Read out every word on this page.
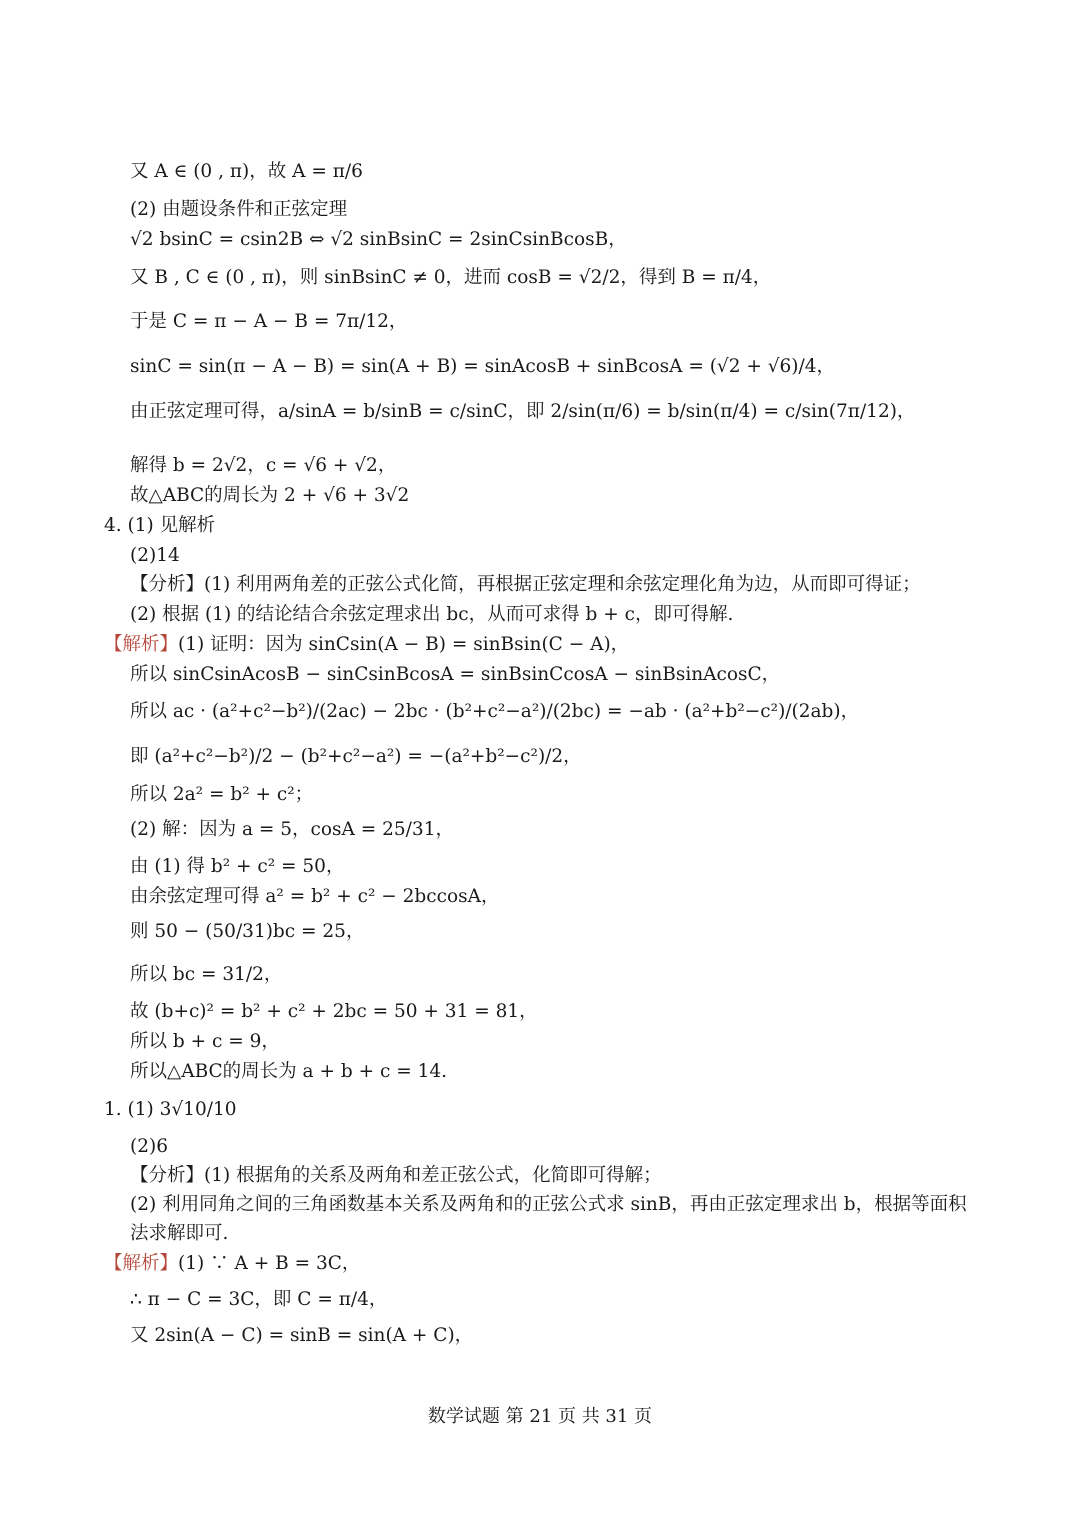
又 A ∈ (0 , π)，故 A = π/6
(2) 由题设条件和正弦定理
√2 bsinC = csin2B ⇔ √2 sinBsinC = 2sinCsinBcosB，
又 B , C ∈ (0 , π)，则 sinBsinC ≠ 0，进而 cosB = √2/2，得到 B = π/4，
于是 C = π − A − B = 7π/12，
sinC = sin(π − A − B) = sin(A + B) = sinAcosB + sinBcosA = (√2 + √6)/4，
由正弦定理可得，a/sinA = b/sinB = c/sinC，即 2/sin(π/6) = b/sin(π/4) = c/sin(7π/12)，
解得 b = 2√2，c = √6 + √2，
故△ABC的周长为 2 + √6 + 3√2
4. (1) 见解析
(2)14
【分析】(1) 利用两角差的正弦公式化简，再根据正弦定理和余弦定理化角为边，从而即可得证；
(2) 根据 (1) 的结论结合余弦定理求出 bc，从而可求得 b + c，即可得解.
【解析】(1) 证明：因为 sinCsin(A − B) = sinBsin(C − A)，
所以 sinCsinAcosB − sinCsinBcosA = sinBsinCcosA − sinBsinAcosC，
所以 ac · (a²+c²−b²)/(2ac) − 2bc · (b²+c²−a²)/(2bc) = −ab · (a²+b²−c²)/(2ab)，
即 (a²+c²−b²)/2 − (b²+c²−a²) = −(a²+b²−c²)/2，
所以 2a² = b² + c²；
(2) 解：因为 a = 5，cosA = 25/31，
由 (1) 得 b² + c² = 50，
由余弦定理可得 a² = b² + c² − 2bccosA，
则 50 − (50/31)bc = 25，
所以 bc = 31/2，
故 (b+c)² = b² + c² + 2bc = 50 + 31 = 81，
所以 b + c = 9，
所以△ABC的周长为 a + b + c = 14.
1. (1) 3√10/10
(2)6
【分析】(1) 根据角的关系及两角和差正弦公式，化简即可得解；
(2) 利用同角之间的三角函数基本关系及两角和的正弦公式求 sinB，再由正弦定理求出 b，根据等面积
法求解即可.
【解析】(1) ∵ A + B = 3C，
∴ π − C = 3C，即 C = π/4，
又 2sin(A − C) = sinB = sin(A + C)，
数学试题 第 21 页 共 31 页
